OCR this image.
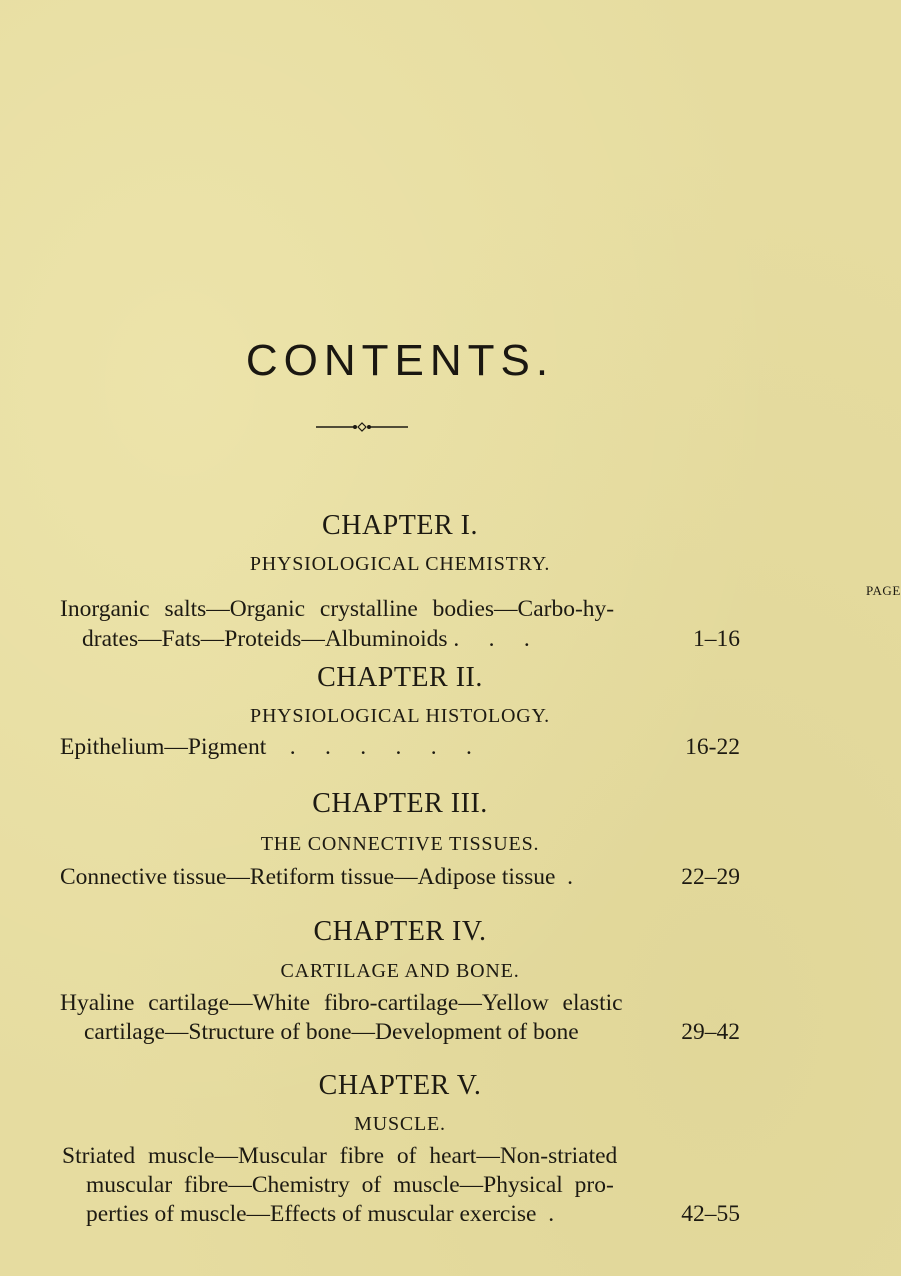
CONTENTS.
CHAPTER I.
PHYSIOLOGICAL CHEMISTRY.
PAGE
Inorganic salts—Organic crystalline bodies—Carbo-hy-
drates—Fats—Proteids—Albuminoids .     .     .	1–16
CHAPTER II.
PHYSIOLOGICAL HISTOLOGY.
Epithelium—Pigment    .     .     .     .     .     .	16-22
CHAPTER III.
THE CONNECTIVE TISSUES.
Connective tissue—Retiform tissue—Adipose tissue  .	22–29
CHAPTER IV.
CARTILAGE AND BONE.
Hyaline cartilage—White fibro-cartilage—Yellow elastic
cartilage—Structure of bone—Development of bone	29–42
CHAPTER V.
MUSCLE.
Striated muscle—Muscular fibre of heart—Non-striated
muscular fibre—Chemistry of muscle—Physical pro-
perties of muscle—Effects of muscular exercise  .	42–55
